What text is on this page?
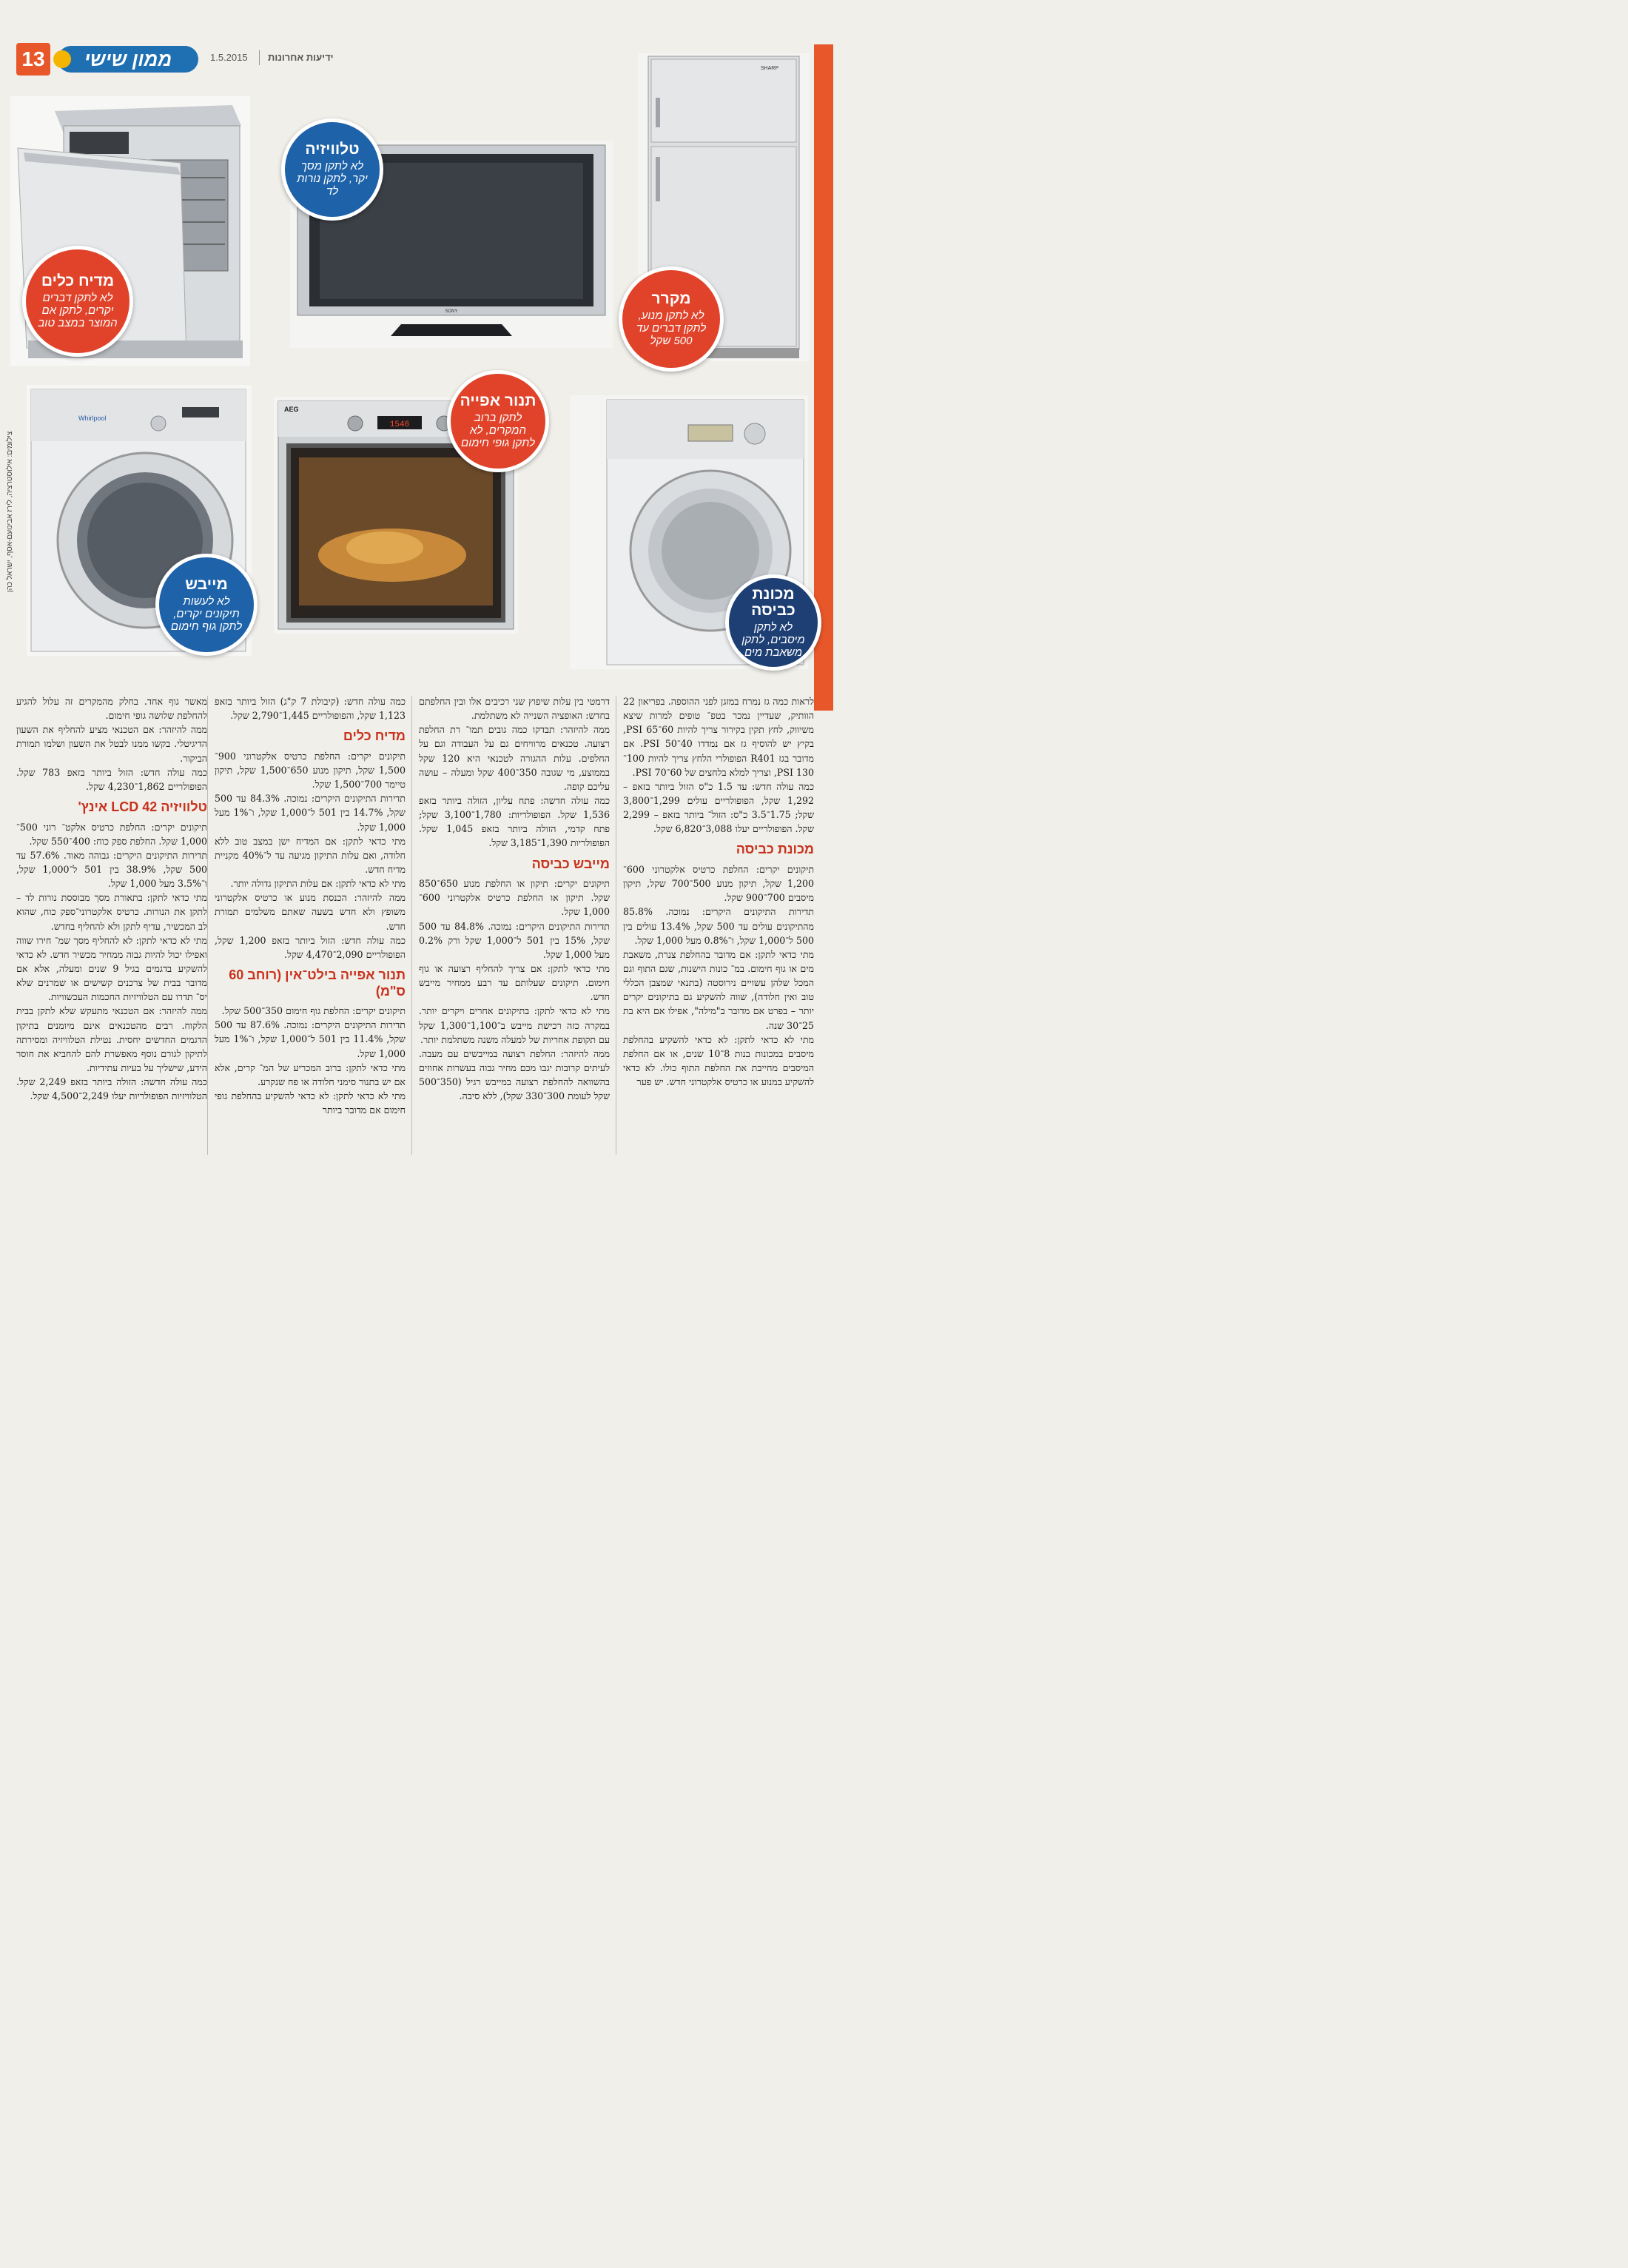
13 ממון שישי	1.5.2015 ידיעות אחרונות
SONY
SHARP
Whirlpool
AEG
1546
מדיח כלים
לא לתקן דברים יקרים, לתקן אם המוצר במצב טוב
טלוויזיה
לא לתקן מסך יקר, לתקן נורות לד
מקרר
לא לתקן מנוע, לתקן דברים עד 500 שקל
תנור אפייה
לתקן ברוב המקרים, לא לתקן גופי חימום
מייבש
לא לעשות תיקונים יקרים, לתקן גוף חימום
מכונת כביסה
לא לתקן מיסבים, לתקן משאבת מים
צילומים: אילוסטרציה, לירז אבינועם-אסף, ישראל כהן

לראות כמה גז נמרח במזגן לפני ההוספה. בפריאון 22 הוותיק, שעדיין נמכר בטפ־ טופים למרות שיצא משיווק, לחץ תקין בקירור צריך להיות 60־65 PSI, בקיץ יש להוסיף גז אם נמדדו 40־50 PSI. אם מדובר בגז R401 הפופולרי הלחץ צריך להיות 100־130 PSI, וצריך למלא בלחצים של 60־70 PSI.

כמה עולה חדש: עד 1.5 כ"ס הזול ביותר בזאפ – 1,292 שקל, הפופולריים עולים 1,299־3,800 שקל; 1.75־3.5 כ"ס: הזול־ ביותר בזאפ – 2,299 שקל. הפופולריים יעלו 3,088־6,820 שקל.

מכונת כביסה

תיקונים יקרים: החלפת כרטיס אלקטרוני 600־1,200 שקל, תיקון מנוע 500־700 שקל, תיקון מיסבים 700־900 שקל.

תדירות התיקונים היקרים: נמוכה. 85.8% מהתיקונים עולים עד 500 שקל, 13.4% עולים בין 500 ל־1,000 שקל, ו־0.8% מעל 1,000 שקל.

מתי כדאי לתקן: אם מדובר בהחלפת צנרת, משאבת מים או גוף חימום. במ־ כונות הישנות, שגם התוף וגם המכל שלהן עשויים נירוסטה (בתנאי שמצבן הכללי טוב ואין חלודה), שווה להשקיע גם בתיקונים יקרים יותר – בפרט אם מדובר ב"מילה", אפילו אם היא בת 25־30 שנה.

מתי לא כדאי לתקן: לא כדאי להשקיע בהחלפת מיסבים במכונות בנות 8־10 שנים, או אם החלפת המיסבים מחייבת את החלפת התוף כולו. לא כדאי להשקיע במנוע או כרטיס אלקטרוני חדש. יש פער

דרמטי בין עלות שיפוץ שני רכיבים אלו ובין החלפתם בחדש: האופציה השנייה לא משתלמת.

ממה להיזהר: תבדקו כמה גובים תמו־ רת החלפת רצועה. טכנאים מרוויחים גם על העבודה וגם על החלפים. עלות ההגורה לטכנאי היא 120 שקל בממוצע, מי שגובה 350־400 שקל ומעלה – עושה עליכם קופה.

כמה עולה חדשה: פתח עליון, הזולה ביותר בזאפ 1,536 שקל. הפופולריות: 1,780־3,100 שקל; פתח קדמי, הזולה ביותר בזאפ 1,045 שקל. הפופולריות 1,390־3,185 שקל.

מייבש כביסה

תיקונים יקרים: תיקון או החלפת מנוע 650־850 שקל. תיקון או החלפת כרטיס אלקטרוני 600־1,000 שקל.

תדירות התיקונים היקרים: נמוכה. 84.8% עד 500 שקל, 15% בין 501 ל־1,000 שקל ורק 0.2% מעל 1,000 שקל.

מתי כדאי לתקן: אם צריך להחליף רצועה או גוף חימום. תיקונים שעלותם עד רבע ממחיר מייבש חדש.

מתי לא כדאי לתקן: בתיקונים אחרים ויקרים יותר. במקרה כזה רכישת מייבש ב־1,100־1,300 שקל עם תקופת אחריות של למעלה משנה משתלמת יותר.

ממה להיזהר: החלפת רצועה במייבשים עם מעבה. לעיתים קרובות יגבו מכם מחיר גבוה בעשרות אחוזים בהשוואה להחלפת רצועה במייבש רגיל (350־500 שקל לעומת 300־330 שקל), ללא סיבה.

כמה עולה חדש: (קיבולת 7 ק"ג) הזול ביותר בזאפ 1,123 שקל, והפופולריים 1,445־2,790 שקל.

מדיח כלים

תיקונים יקרים: החלפת כרטיס אלקטרוני 900־1,500 שקל, תיקון מנוע 650־1,500 שקל, תיקון טיימר 700־1,500 שקל.

תדירות התיקונים היקרים: נמוכה. 84.3% עד 500 שקל, 14.7% בין 501 ל־1,000 שקל, ו־1% מעל 1,000 שקל.

מתי כדאי לתקן: אם המדיח ישן במצב טוב ללא חלודה, ואם עלות התיקון מגיעה עד ל־40% מקניית מדיח חדש.

מתי לא כדאי לתקן: אם עלות התיקון גדולה יותר.

ממה להיזהר: הכנסת מנוע או כרטיס אלקטרוני משופץ ולא חדש בשעה שאתם משלמים תמורת חדש.

כמה עולה חדש: הזול ביותר בזאפ 1,200 שקל, הפופולריים 2,090־4,470 שקל.

תנור אפייה בילט־אין (רוחב 60 ס"מ)

תיקונים יקרים: החלפת גוף חימום 350־500 שקל.

תדירות התיקונים היקרים: נמוכה. 87.6% עד 500 שקל, 11.4% בין 501 ל־1,000 שקל, ו־1% מעל 1,000 שקל.

מתי כדאי לתקן: ברוב המכריע של המ־ קרים, אלא אם יש בתנור סימני חלודה או פח שנקרע.

מתי לא כדאי לתקן: לא כדאי להשקיע בהחלפת גופי חימום אם מדובר ביותר

מאשר גוף אחד. בחלק מהמקרים זה עלול להגיע להחלפת שלושה גופי חימום.

ממה להיזהר: אם הטכנאי מציע להחליף את השעון הדיגיטלי. בקשו ממנו לבטל את השעון ושלמו תמורת הביקור.

כמה עולה חדש: הזול ביותר בזאפ 783 שקל. הפופולריים 1,862־4,230 שקל.

טלוויזיה LCD 42 אינץ'

תיקונים יקרים: החלפת כרטיס אלקט־ רוני 500־1,000 שקל. החלפת ספק כוח: 400־550 שקל.

תדירות התיקונים היקרים: גבוהה מאוד. 57.6% עד 500 שקל, 38.9% בין 501 ל־1,000 שקל, ו־3.5% מעל 1,000 שקל.

מתי כדאי לתקן: בתאורת מסך מבוססת נורות לד – לתקן את הנורות. כרטיס אלקטרוני־ספק כוח, שהוא לב המכשיר, עדיף לתקן ולא להחליף בחדש.

מתי לא כדאי לתקן: לא להחליף מסך שמ־ חירו שווה ואפילו יכול להיות גבוה ממחיר מכשיר חדש. לא כדאי להשקיע בדגמים בגיל 9 שנים ומעלה, אלא אם מדובר בבית של צרכנים קשישים או שמרנים שלא יס־ תדרו עם הטלוויזיות החכמות העכשוויות.

ממה להיזהר: אם הטכנאי מתעקש שלא לתקן בבית הלקוח. רבים מהטכנאים אינם מיומנים בתיקון הדגמים החדשים יחסית. נטילת הטלוויזיה ומסירתה לתיקון לגורם נוסף מאפשרת להם להחביא את חוסר הידע, שישליך על בעיות עתידיות.

כמה עולה חדשה: הזולה ביותר בזאפ 2,249 שקל. הטלוויזיות הפופולריות יעלו 2,249־4,500 שקל.
